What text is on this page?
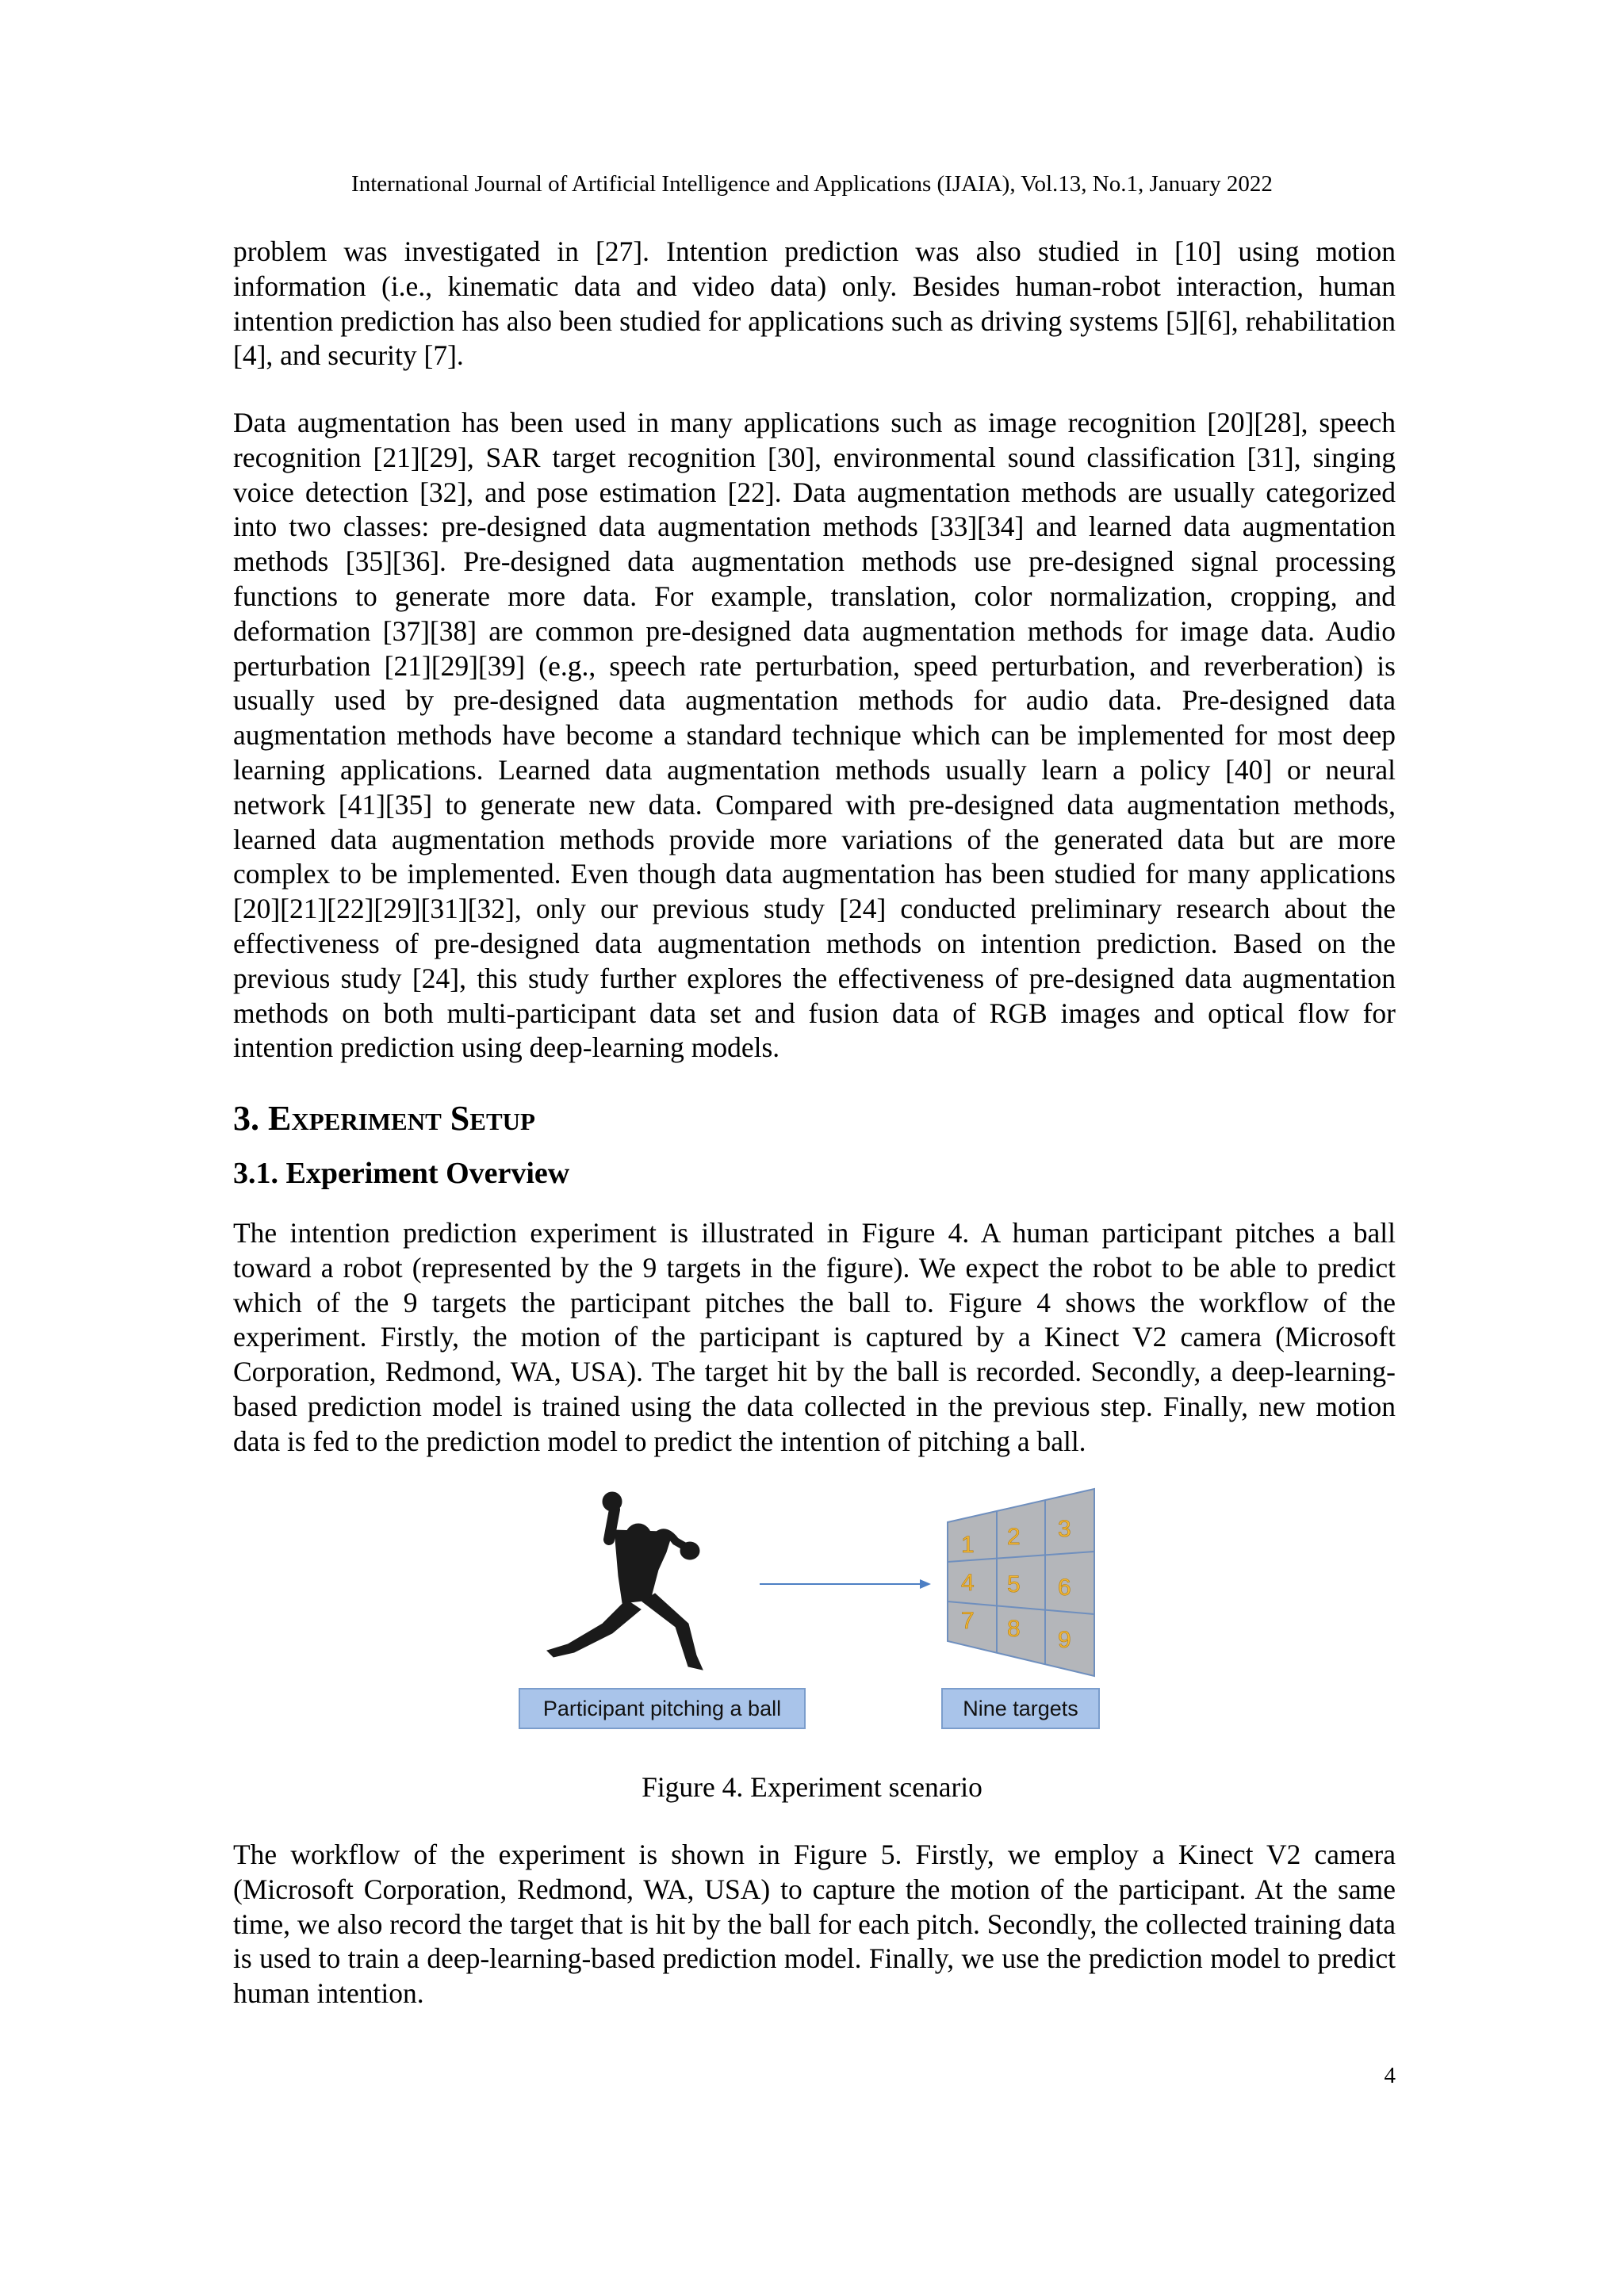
International Journal of Artificial Intelligence and Applications (IJAIA), Vol.13, No.1, January 2022

problem was investigated in [27]. Intention prediction was also studied in [10] using motion information (i.e., kinematic data and video data) only. Besides human-robot interaction, human intention prediction has also been studied for applications such as driving systems [5][6], rehabilitation [4], and security [7].

Data augmentation has been used in many applications such as image recognition [20][28], speech recognition [21][29], SAR target recognition [30], environmental sound classification [31], singing voice detection [32], and pose estimation [22]. Data augmentation methods are usually categorized into two classes: pre-designed data augmentation methods [33][34] and learned data augmentation methods [35][36]. Pre-designed data augmentation methods use pre-designed signal processing functions to generate more data. For example, translation, color normalization, cropping, and deformation [37][38] are common pre-designed data augmentation methods for image data. Audio perturbation [21][29][39] (e.g., speech rate perturbation, speed perturbation, and reverberation) is usually used by pre-designed data augmentation methods for audio data. Pre-designed data augmentation methods have become a standard technique which can be implemented for most deep learning applications. Learned data augmentation methods usually learn a policy [40] or neural network [41][35] to generate new data. Compared with pre-designed data augmentation methods, learned data augmentation methods provide more variations of the generated data but are more complex to be implemented. Even though data augmentation has been studied for many applications [20][21][22][29][31][32], only our previous study [24] conducted preliminary research about the effectiveness of pre-designed data augmentation methods on intention prediction. Based on the previous study [24], this study further explores the effectiveness of pre-designed data augmentation methods on both multi-participant data set and fusion data of RGB images and optical flow for intention prediction using deep-learning models.

3. Experiment Setup
3.1. Experiment Overview

The intention prediction experiment is illustrated in Figure 4. A human participant pitches a ball toward a robot (represented by the 9 targets in the figure). We expect the robot to be able to predict which of the 9 targets the participant pitches the ball to. Figure 4 shows the workflow of the experiment. Firstly, the motion of the participant is captured by a Kinect V2 camera (Microsoft Corporation, Redmond, WA, USA). The target hit by the ball is recorded. Secondly, a deep-learning-based prediction model is trained using the data collected in the previous step. Finally, new motion data is fed to the prediction model to predict the intention of pitching a ball.

1 2 3
4 5 6
7 8 9
Participant pitching a ball	Nine targets
Figure 4. Experiment scenario

The workflow of the experiment is shown in Figure 5. Firstly, we employ a Kinect V2 camera (Microsoft Corporation, Redmond, WA, USA) to capture the motion of the participant. At the same time, we also record the target that is hit by the ball for each pitch. Secondly, the collected training data is used to train a deep-learning-based prediction model. Finally, we use the prediction model to predict human intention.

4
